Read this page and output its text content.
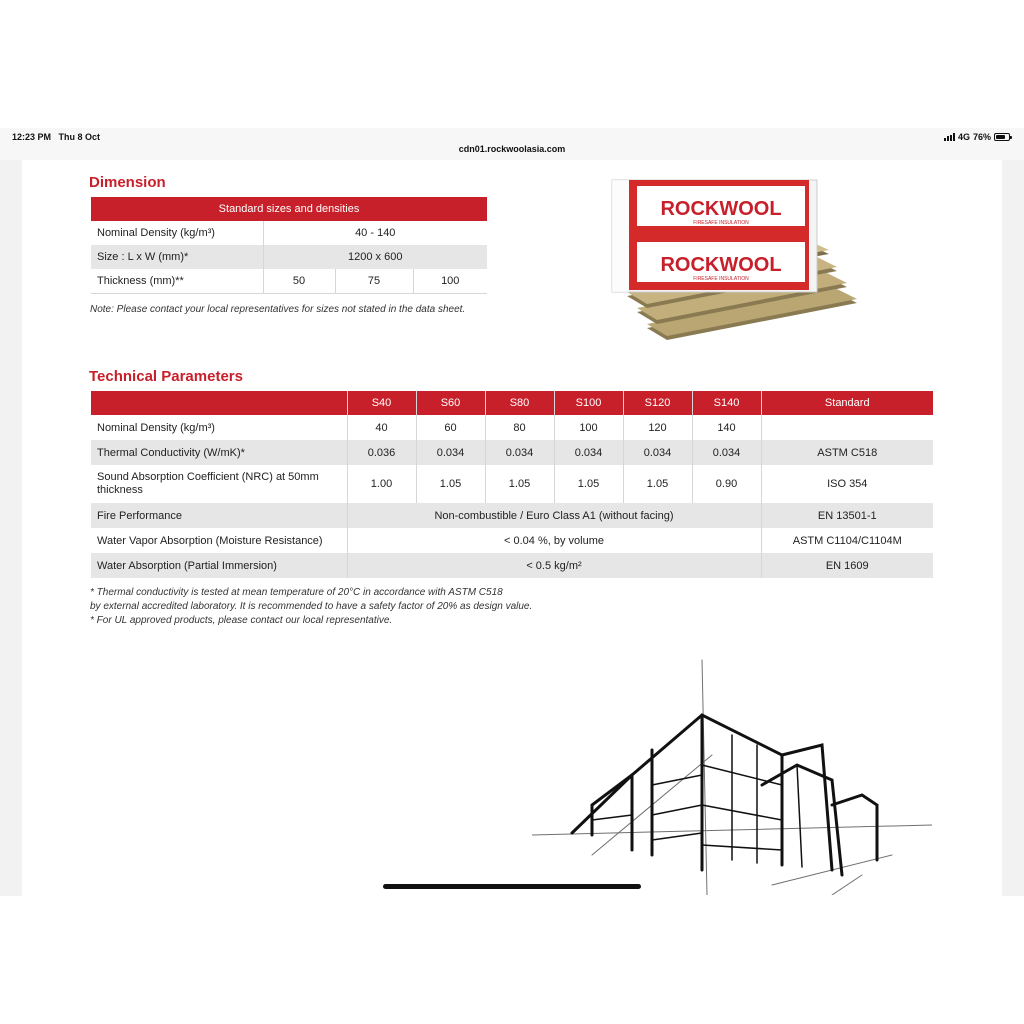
12:23 PM Thu 8 Oct	4G 76%
cdn01.rockwoolasia.com
Dimension
Standard sizes and densities			
Nominal Density (kg/m³)	40 - 140		
Size : L x W (mm)*	1200 x 600		
Thickness (mm)**	50	75	100
Note: Please contact your local representatives for sizes not stated in the data sheet.
ROCKWOOL
FIRESAFE INSULATION
ROCKWOOL
FIRESAFE INSULATION
Technical Parameters
	S40	S60	S80	S100	S120	S140	Standard
Nominal Density (kg/m³)	40	60	80	100	120	140	
Thermal Conductivity (W/mK)*	0.036	0.034	0.034	0.034	0.034	0.034	ASTM C518
Sound Absorption Coefficient (NRC) at 50mm thickness	1.00	1.05	1.05	1.05	1.05	0.90	ISO 354
Fire Performance	Non-combustible / Euro Class A1 (without facing)						EN 13501-1
Water Vapor Absorption (Moisture Resistance)	< 0.04 %, by volume						ASTM C1104/C1104M
Water Absorption (Partial Immersion)	< 0.5 kg/m²						EN 1609
* Thermal conductivity is tested at mean temperature of 20°C in accordance with ASTM C518
by external accredited laboratory. It is recommended to have a safety factor of 20% as design value.
* For UL approved products, please contact our local representative.
